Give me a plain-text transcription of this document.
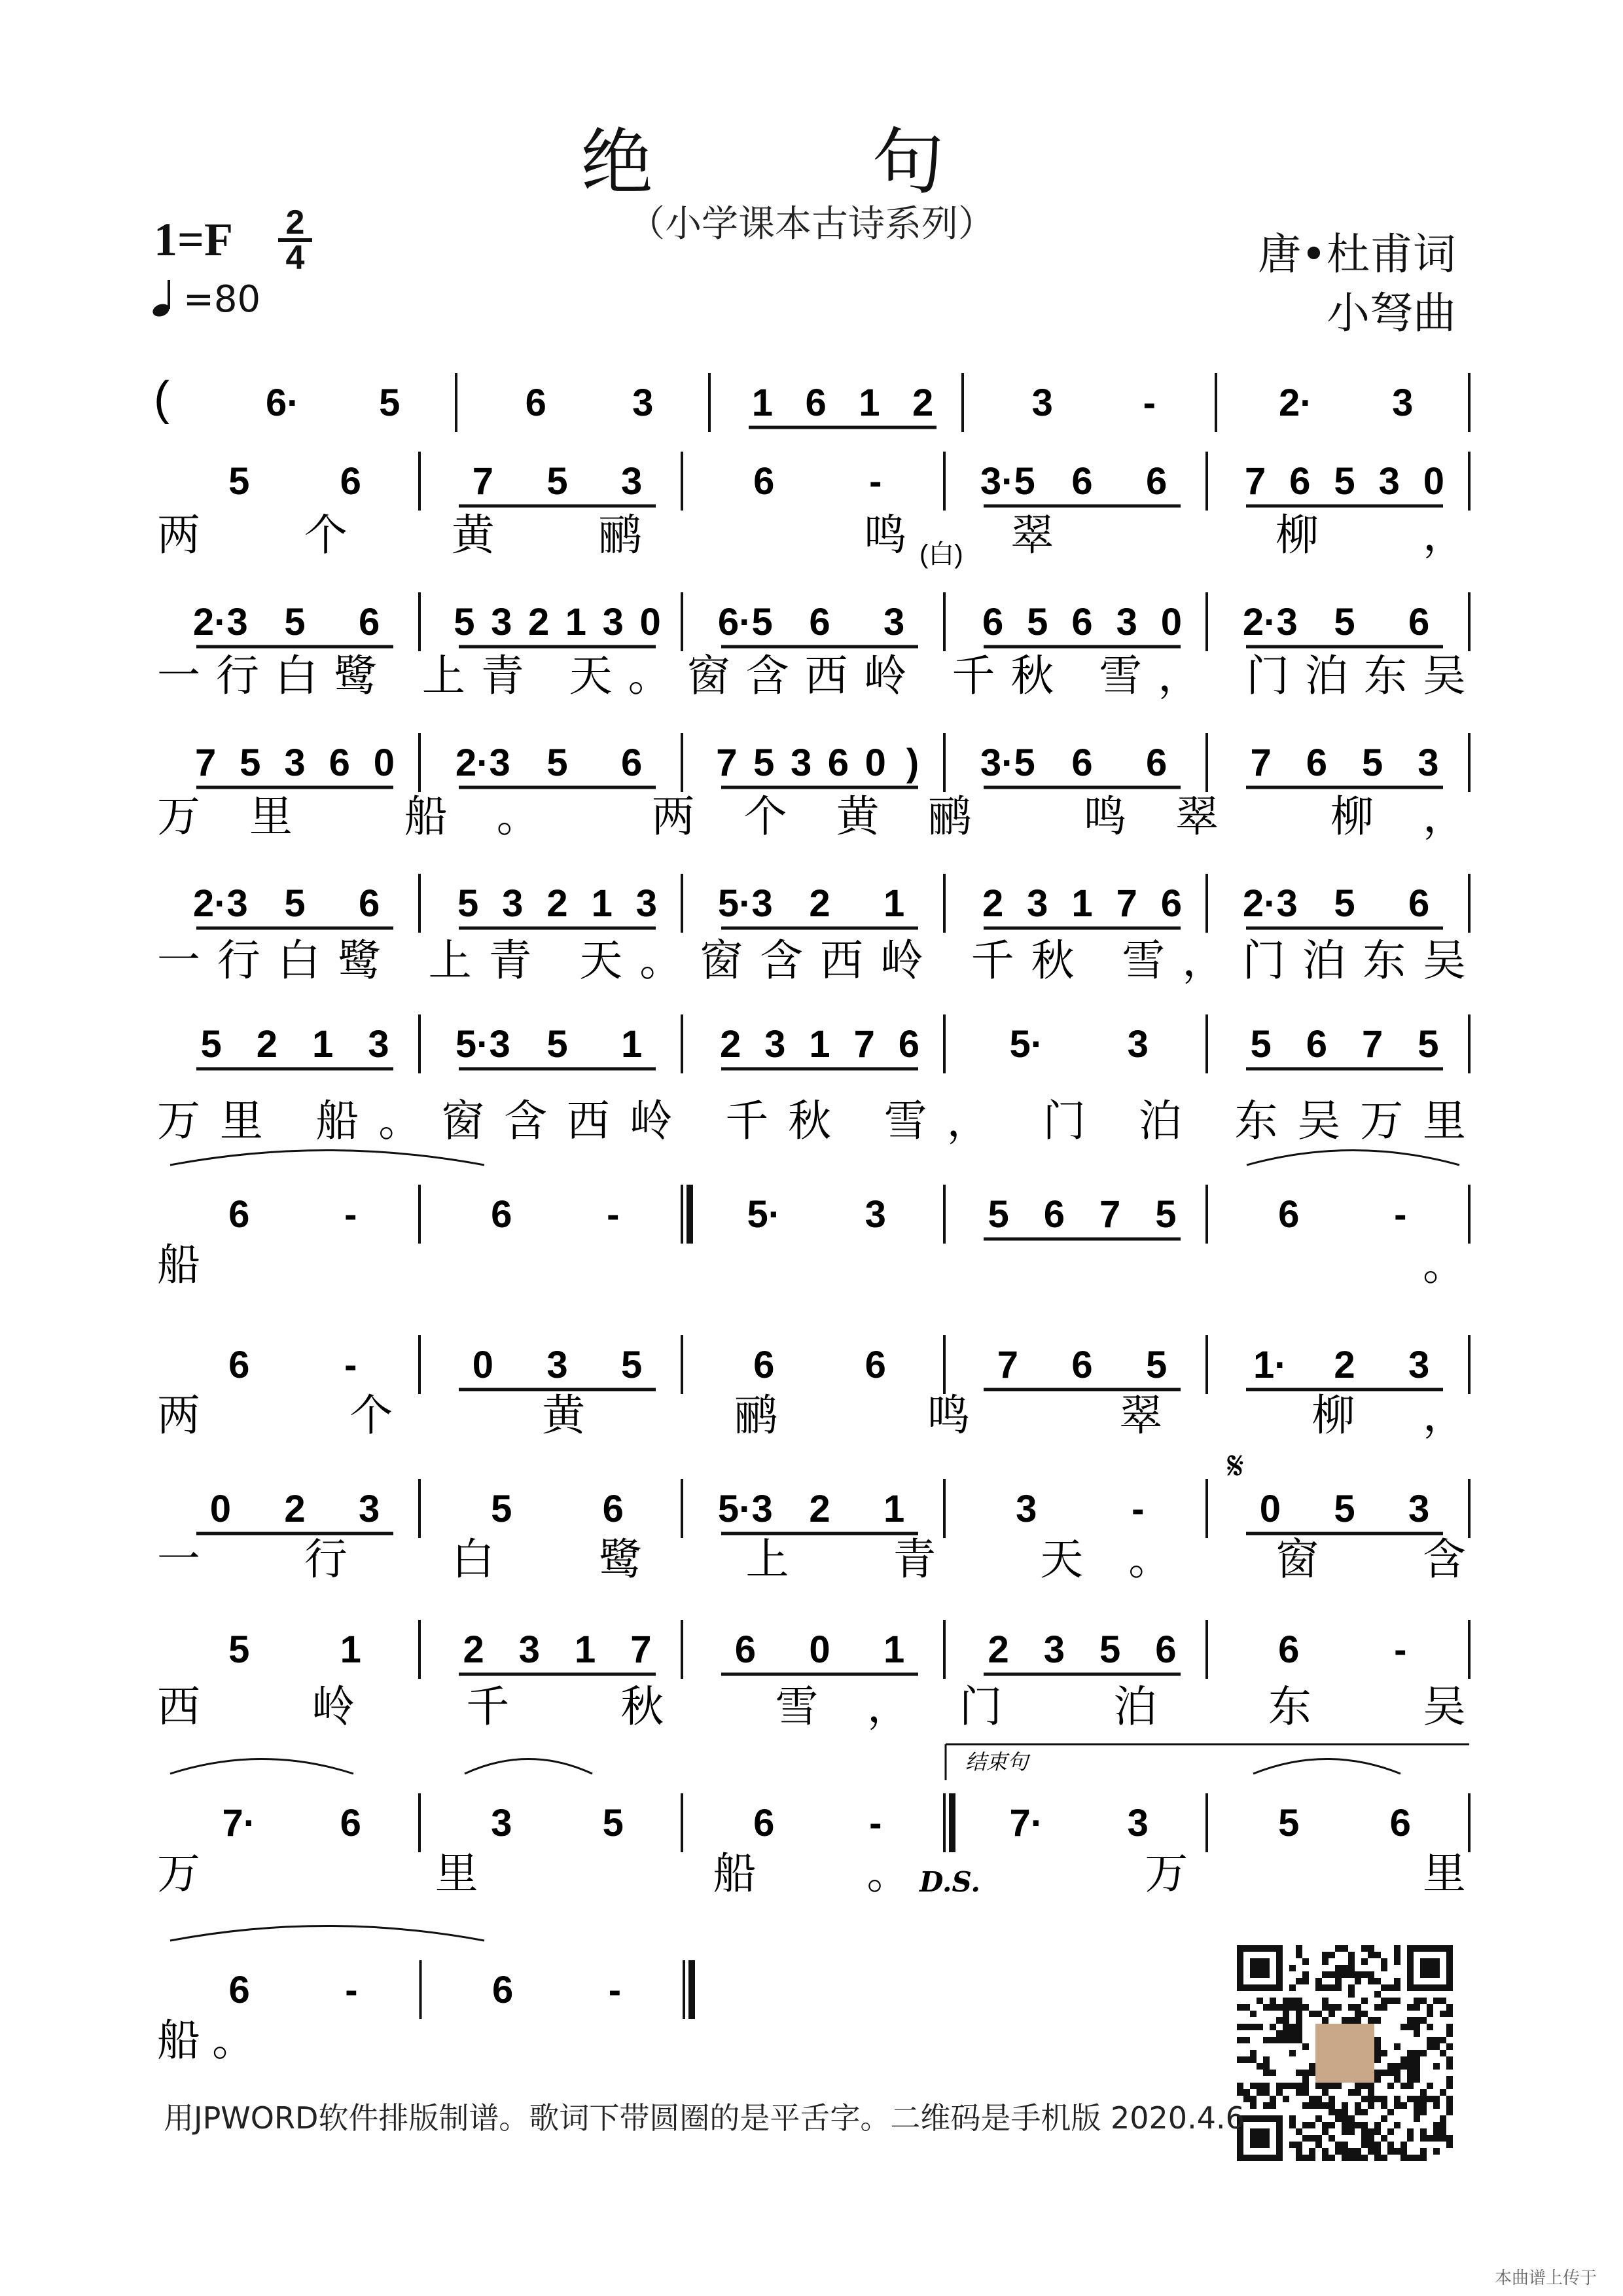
绝 句
（小学课本古诗系列）
1=F 2
4
=80
唐•杜甫词
小弩曲
(	6· 5	6 3	1 6 1 2	3 -	2· 3
5 6	7 5 3	6 -	3·5 6 6 7 6 5 3 0
两个黄鹂 鸣翠 柳，
2·3 5 6 5 3 2 1 3 0 6·5 6 3 6 5 6 3 0 2·3 5 6
一行白鹭 上青 天。窗含西岭 千秋 雪， 门泊东吴
7 5 3 6 0 2·3 5 6 7 5 3 6 0 ) 3·5 6 6 7 6 5 3
万里 船。 两个黄鹂 鸣翠 柳，
2·3 5 6 5 3 2 1 3 5·3 2 1 2 3 1 7 6 2·3 5 6
一行白鹭 上青 天。窗含西岭 千秋 雪，门泊东吴
5 2 1 3 5·3 5 1 2 3 1 7 6 5· 3	5 6 7 5
万里 船。窗含西岭 千秋 雪， 门 泊 东吴万里
6 -	6 -	5· 3	5 6 7 5	6 -
船。
6 -	0 3 5	6 6	7 6 5 1· 2 3
两 个 黄 鹂 鸣 翠 柳，
0 2 3	5 6 5·3 2 1	3 -	0 5 3
一 行 白 鹭 上 青 天。 窗 含
5 1	2 3 1 7 6 0 1 2 3 5 6	6 -
西 岭 千 秋 雪，门 泊 东 吴
7· 6	3 5	6 -	7· 3	5 6
万 里 船。 万 里
6	-	6	-
船。
(白)
𝄋
D.S.
结束句
用JPWORD软件排版制谱。歌词下带圆圈的是平舌字。二维码是手机版 2020.4.6
本曲谱上传于
